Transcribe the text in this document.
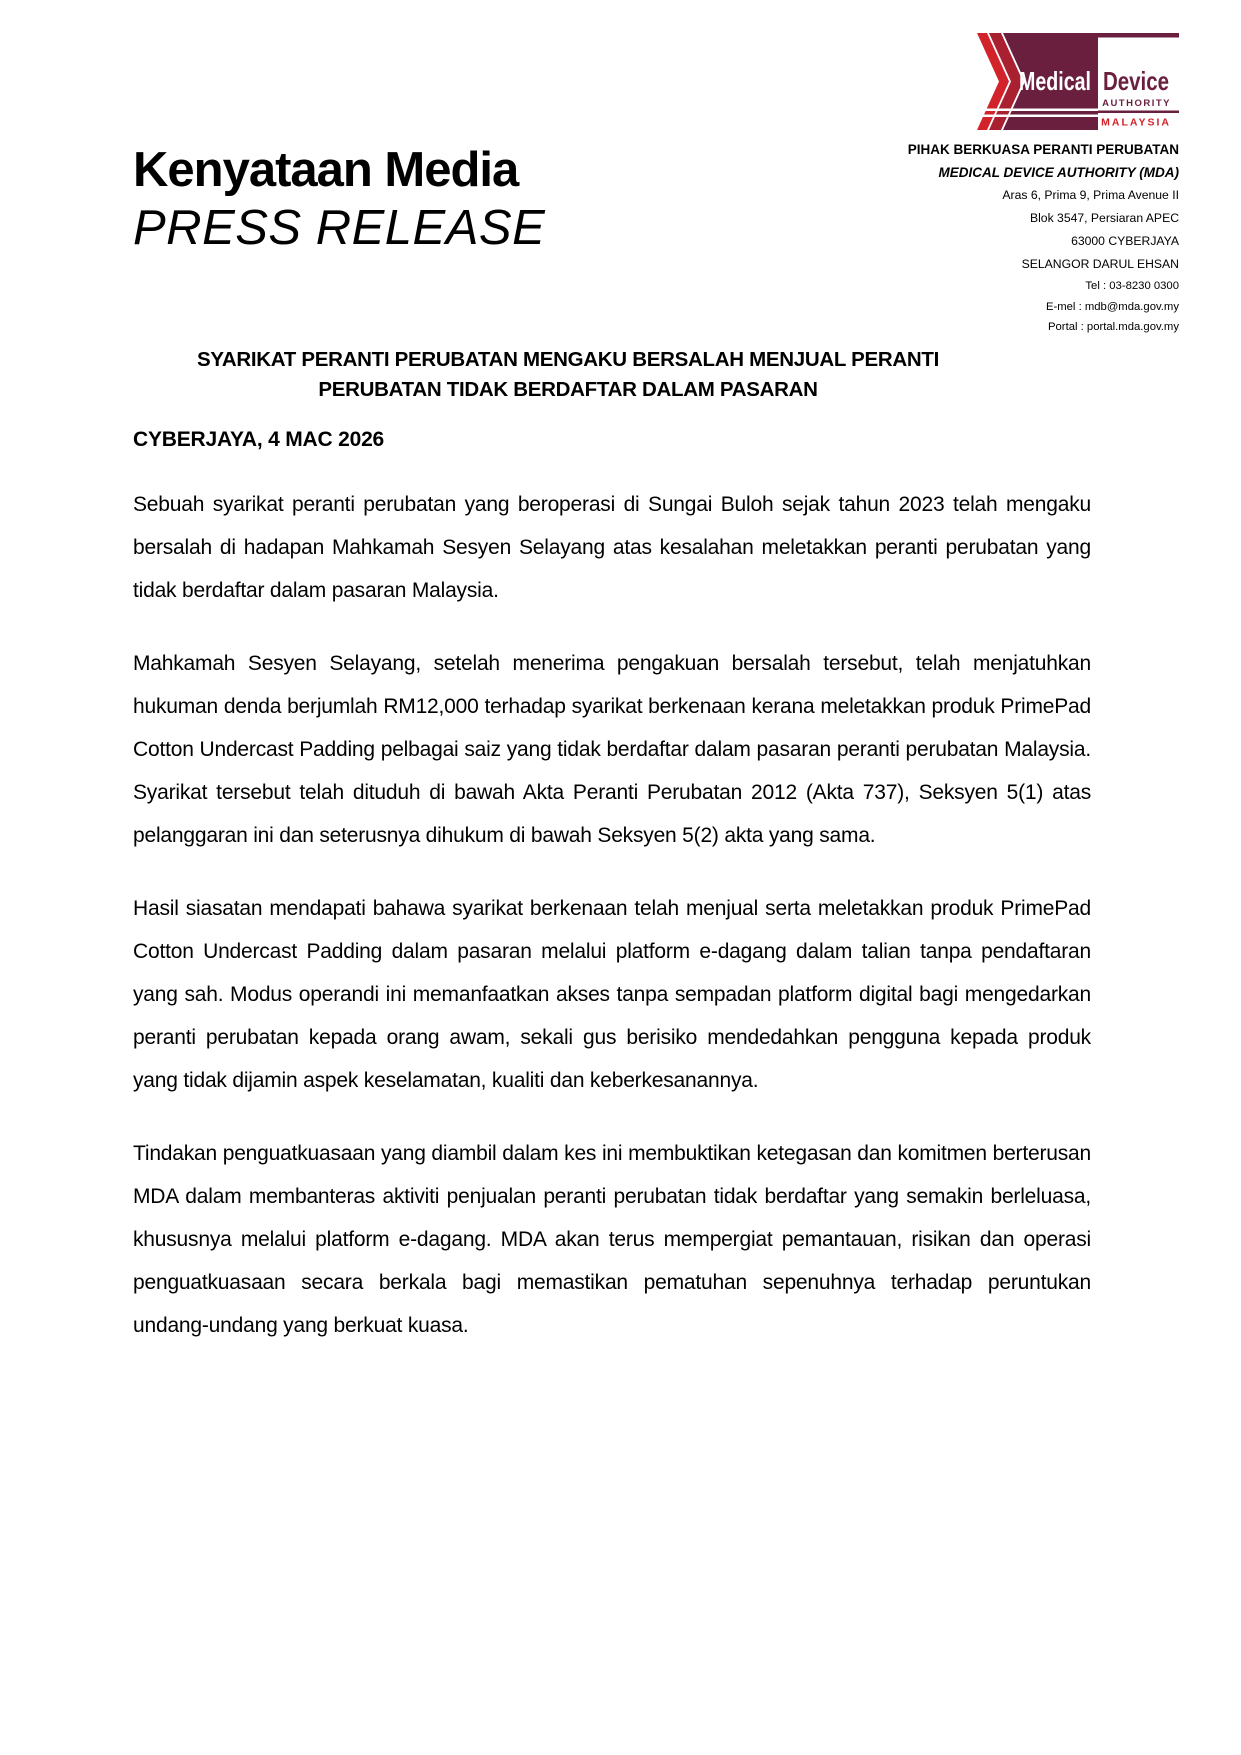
Kenyataan Media
PRESS RELEASE
Medical Device
AUTHORITY
MALAYSIA
PIHAK BERKUASA PERANTI PERUBATAN
MEDICAL DEVICE AUTHORITY (MDA)
Aras 6, Prima 9, Prima Avenue II
Blok 3547, Persiaran APEC
63000 CYBERJAYA
SELANGOR DARUL EHSAN
Tel : 03-8230 0300
E-mel : mdb@mda.gov.my
Portal : portal.mda.gov.my
SYARIKAT PERANTI PERUBATAN MENGAKU BERSALAH MENJUAL PERANTI PERUBATAN TIDAK BERDAFTAR DALAM PASARAN

CYBERJAYA, 4 MAC 2026

Sebuah syarikat peranti perubatan yang beroperasi di Sungai Buloh sejak tahun 2023 telah mengaku bersalah di hadapan Mahkamah Sesyen Selayang atas kesalahan meletakkan peranti perubatan yang tidak berdaftar dalam pasaran Malaysia.

Mahkamah Sesyen Selayang, setelah menerima pengakuan bersalah tersebut, telah menjatuhkan hukuman denda berjumlah RM12,000 terhadap syarikat berkenaan kerana meletakkan produk PrimePad Cotton Undercast Padding pelbagai saiz yang tidak berdaftar dalam pasaran peranti perubatan Malaysia. Syarikat tersebut telah dituduh di bawah Akta Peranti Perubatan 2012 (Akta 737), Seksyen 5(1) atas pelanggaran ini dan seterusnya dihukum di bawah Seksyen 5(2) akta yang sama.

Hasil siasatan mendapati bahawa syarikat berkenaan telah menjual serta meletakkan produk PrimePad Cotton Undercast Padding dalam pasaran melalui platform e-dagang dalam talian tanpa pendaftaran yang sah. Modus operandi ini memanfaatkan akses tanpa sempadan platform digital bagi mengedarkan peranti perubatan kepada orang awam, sekali gus berisiko mendedahkan pengguna kepada produk yang tidak dijamin aspek keselamatan, kualiti dan keberkesanannya.

Tindakan penguatkuasaan yang diambil dalam kes ini membuktikan ketegasan dan komitmen berterusan MDA dalam membanteras aktiviti penjualan peranti perubatan tidak berdaftar yang semakin berleluasa, khususnya melalui platform e-dagang. MDA akan terus mempergiat pemantauan, risikan dan operasi penguatkuasaan secara berkala bagi memastikan pematuhan sepenuhnya terhadap peruntukan undang-undang yang berkuat kuasa.
